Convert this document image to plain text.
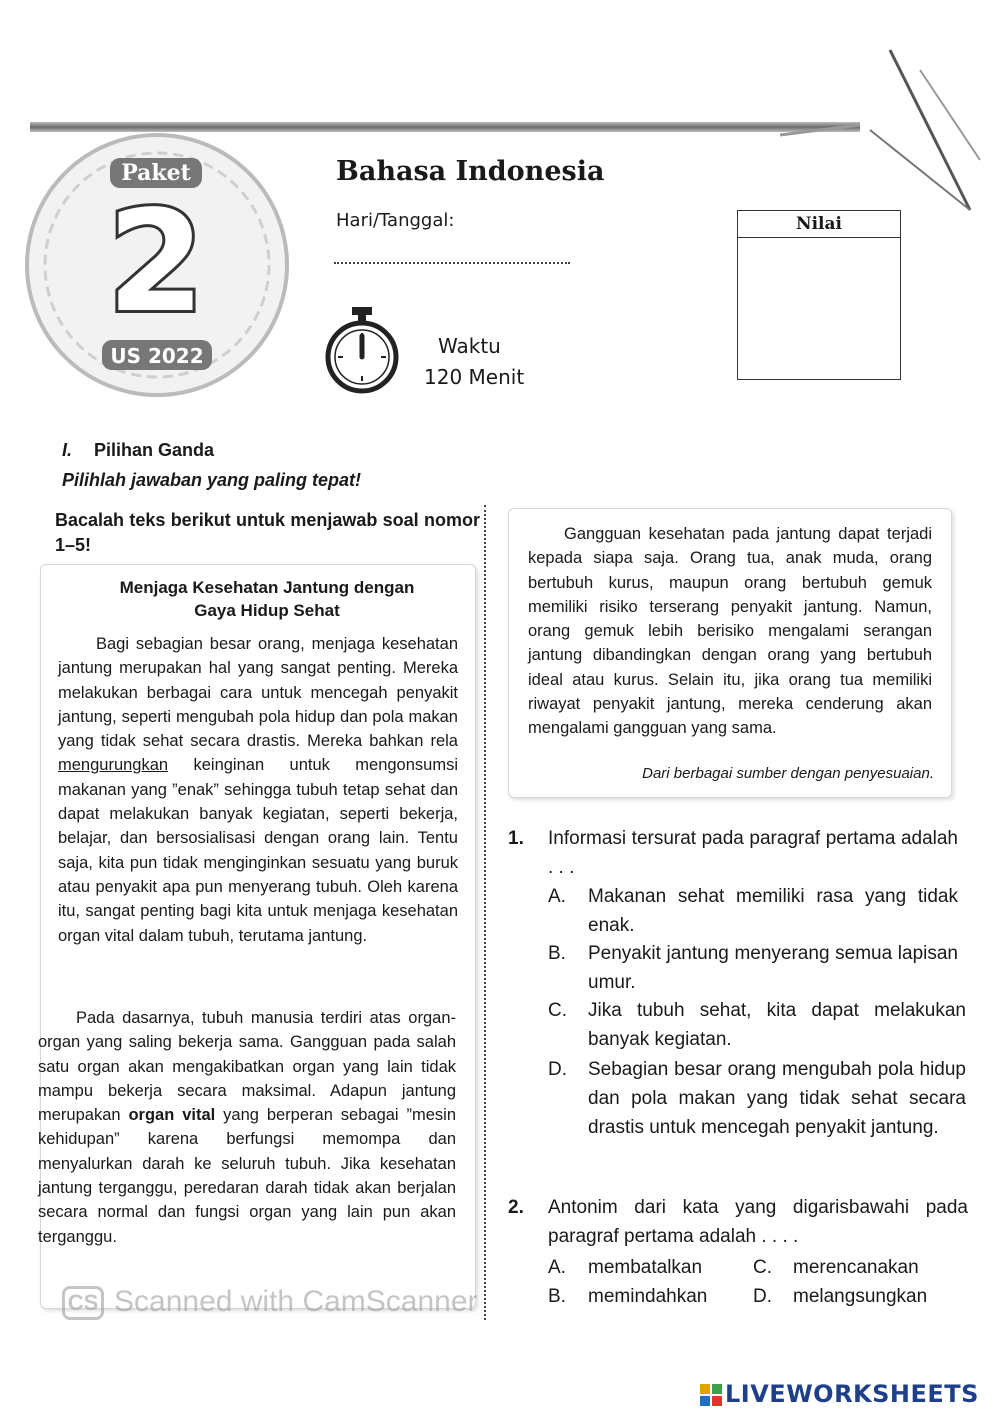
2
Paket
US 2022
Bahasa Indonesia
Hari/Tanggal:
Waktu
120 Menit
Nilai
I. Pilihan Ganda
Pilihlah jawaban yang paling tepat!
Bacalah teks berikut untuk menjawab soal nomor 1–5!
Menjaga Kesehatan Jantung dengan
Gaya Hidup Sehat
Bagi sebagian besar orang, menjaga kesehatan jantung merupakan hal yang sangat penting. Mereka melakukan berbagai cara untuk mencegah penyakit jantung, seperti mengubah pola hidup dan pola makan yang tidak sehat secara drastis. Mereka bahkan rela mengurungkan keinginan untuk mengonsumsi makanan yang ”enak” sehingga tubuh tetap sehat dan dapat melakukan banyak kegiatan, seperti bekerja, belajar, dan bersosialisasi dengan orang lain. Tentu saja, kita pun tidak menginginkan sesuatu yang buruk atau penyakit apa pun menyerang tubuh. Oleh karena itu, sangat penting bagi kita untuk menjaga kesehatan organ vital dalam tubuh, terutama jantung.
Pada dasarnya, tubuh manusia terdiri atas organ-organ yang saling bekerja sama. Gangguan pada salah satu organ akan mengakibatkan organ yang lain tidak mampu bekerja secara maksimal. Adapun jantung merupakan organ vital yang berperan sebagai ”mesin kehidupan” karena berfungsi memompa dan menyalurkan darah ke seluruh tubuh. Jika kesehatan jantung terganggu, peredaran darah tidak akan berjalan secara normal dan fungsi organ yang lain pun akan terganggu.
Gangguan kesehatan pada jantung dapat terjadi kepada siapa saja. Orang tua, anak muda, orang bertubuh kurus, maupun orang bertubuh gemuk memiliki risiko terserang penyakit jantung. Namun, orang gemuk lebih berisiko mengalami serangan jantung dibandingkan dengan orang yang bertubuh ideal atau kurus. Selain itu, jika orang tua memiliki riwayat penyakit jantung, mereka cenderung akan mengalami gangguan yang sama.
Dari berbagai sumber dengan penyesuaian.
1. Informasi tersurat pada paragraf pertama adalah . . .
A. Makanan sehat memiliki rasa yang tidak enak.
B. Penyakit jantung menyerang semua lapisan umur.
C. Jika tubuh sehat, kita dapat melakukan banyak kegiatan.
D. Sebagian besar orang mengubah pola hidup dan pola makan yang tidak sehat secara drastis untuk mencegah penyakit jantung.
2. Antonim dari kata yang digarisbawahi pada paragraf pertama adalah . . . .
A. membatalkan	C. merencanakan
B. memindahkan	D. melangsungkan
CS Scanned with CamScanner
LIVEWORKSHEETS
